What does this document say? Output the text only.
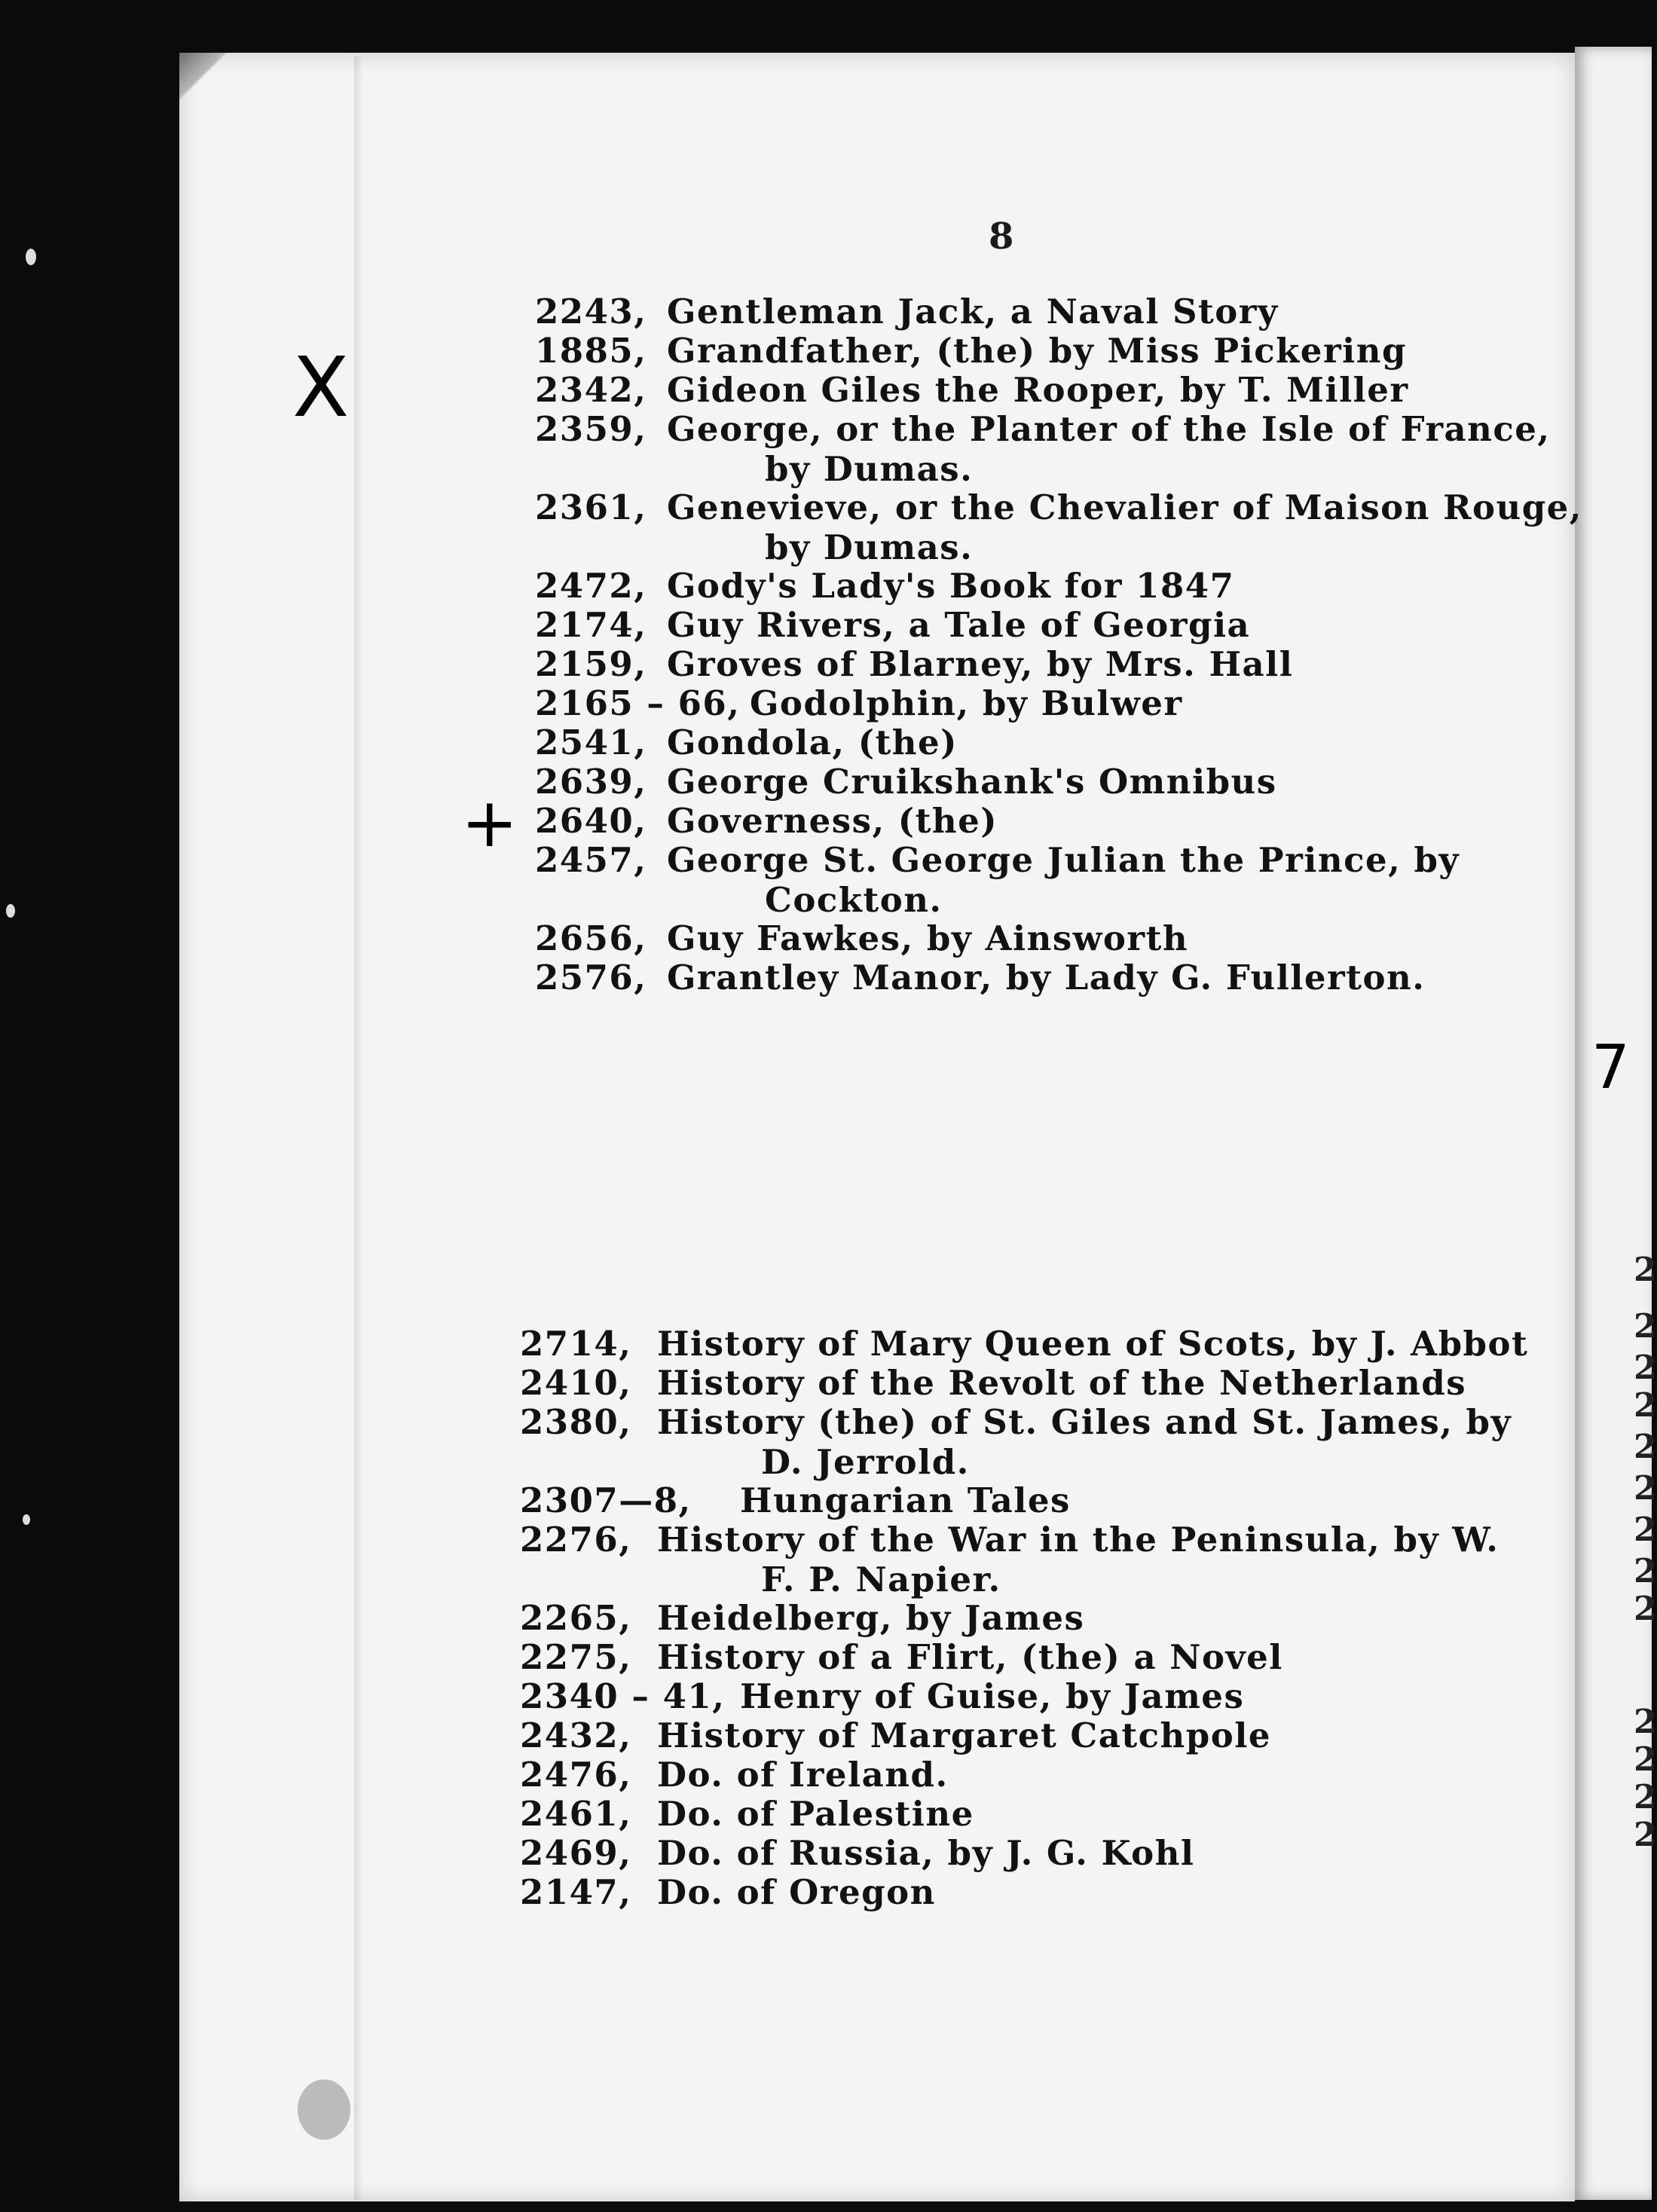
8
2243, Gentleman Jack, a Naval Story
1885, Grandfather, (the) by Miss Pickering
2342, Gideon Giles the Rooper, by T. Miller
2359, George, or the Planter of the Isle of France,
by Dumas.
2361, Genevieve, or the Chevalier of Maison Rouge,
by Dumas.
2472, Gody's Lady's Book for 1847
2174, Guy Rivers, a Tale of Georgia
2159, Groves of Blarney, by Mrs. Hall
2165 – 66, Godolphin, by Bulwer
2541, Gondola, (the)
2639, George Cruikshank's Omnibus
2640, Governess, (the)
2457, George St. George Julian the Prince, by
Cockton.
2656, Guy Fawkes, by Ainsworth
2576, Grantley Manor, by Lady G. Fullerton.
2714, History of Mary Queen of Scots, by J. Abbot
2410, History of the Revolt of the Netherlands
2380, History (the) of St. Giles and St. James, by
D. Jerrold.
2307—8, Hungarian Tales
2276, History of the War in the Peninsula, by W.
F. P. Napier.
2265, Heidelberg, by James
2275, History of a Flirt, (the) a Novel
2340 – 41, Henry of Guise, by James
2432, History of Margaret Catchpole
2476, Do. of Ireland.
2461, Do. of Palestine
2469, Do. of Russia, by J. G. Kohl
2147, Do. of Oregon
X
+
7
2
2
2
2
2
2
2
2
2
2
2
2
2
